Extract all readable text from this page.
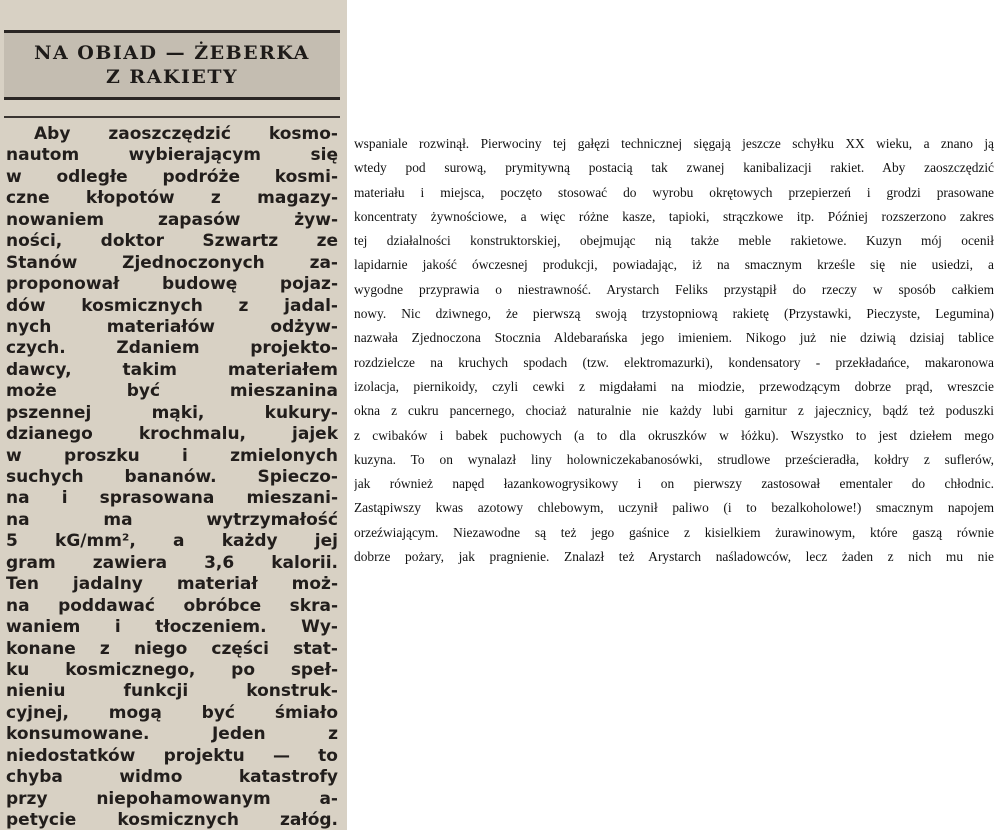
NA OBIAD — ŻEBERKA
Z RAKIETY
Aby zaoszczędzić kosmo-
nautom wybierającym się
w odległe podróże kosmi-
czne kłopotów z magazy-
nowaniem zapasów żyw-
ności, doktor Szwartz ze
Stanów Zjednoczonych za-
proponował budowę pojaz-
dów kosmicznych z jadal-
nych materiałów odżyw-
czych. Zdaniem projekto-
dawcy, takim materiałem
może być mieszanina
pszennej mąki, kukury-
dzianego krochmalu, jajek
w proszku i zmielonych
suchych bananów. Spieczo-
na i sprasowana mieszani-
na ma wytrzymałość
5 kG/mm², a każdy jej
gram zawiera 3,6 kalorii.
Ten jadalny materiał moż-
na poddawać obróbce skra-
waniem i tłoczeniem. Wy-
konane z niego części stat-
ku kosmicznego, po speł-
nieniu funkcji konstruk-
cyjnej, mogą być śmiało
konsumowane. Jeden z
niedostatków projektu — to
chyba widmo katastrofy
przy niepohamowanym a-
petycie kosmicznych załóg.
wspaniale rozwinął. Pierwociny tej gałęzi technicznej sięgają jeszcze schyłku XX wieku, a znano ją
wtedy pod surową, prymitywną postacią tak zwanej kanibalizacji rakiet. Aby zaoszczędzić
materiału i miejsca, poczęto stosować do wyrobu okrętowych przepierzeń i grodzi prasowane
koncentraty żywnościowe, a więc różne kasze, tapioki, strączkowe itp. Później rozszerzono zakres
tej działalności konstruktorskiej, obejmując nią także meble rakietowe. Kuzyn mój ocenił
lapidarnie jakość ówczesnej produkcji, powiadając, iż na smacznym krześle się nie usiedzi, a
wygodne przyprawia o niestrawność. Arystarch Feliks przystąpił do rzeczy w sposób całkiem
nowy. Nic dziwnego, że pierwszą swoją trzystopniową rakietę (Przystawki, Pieczyste, Legumina)
nazwała Zjednoczona Stocznia Aldebarańska jego imieniem. Nikogo już nie dziwią dzisiaj tablice
rozdzielcze na kruchych spodach (tzw. elektromazurki), kondensatory - przekładańce, makaronowa
izolacja, piernikoidy, czyli cewki z migdałami na miodzie, przewodzącym dobrze prąd, wreszcie
okna z cukru pancernego, chociaż naturalnie nie każdy lubi garnitur z jajecznicy, bądź też poduszki
z cwibaków i babek puchowych (a to dla okruszków w łóżku). Wszystko to jest dziełem mego
kuzyna. To on wynalazł liny holowniczekabanosówki, strudlowe prześcieradła, kołdry z suflerów,
jak również napęd łazankowogrysikowy i on pierwszy zastosował ementaler do chłodnic.
Zastąpiwszy kwas azotowy chlebowym, uczynił paliwo (i to bezalkoholowe!) smacznym napojem
orzeźwiającym. Niezawodne są też jego gaśnice z kisielkiem żurawinowym, które gaszą równie
dobrze pożary, jak pragnienie. Znalazł też Arystarch naśladowców, lecz żaden z nich mu nie
